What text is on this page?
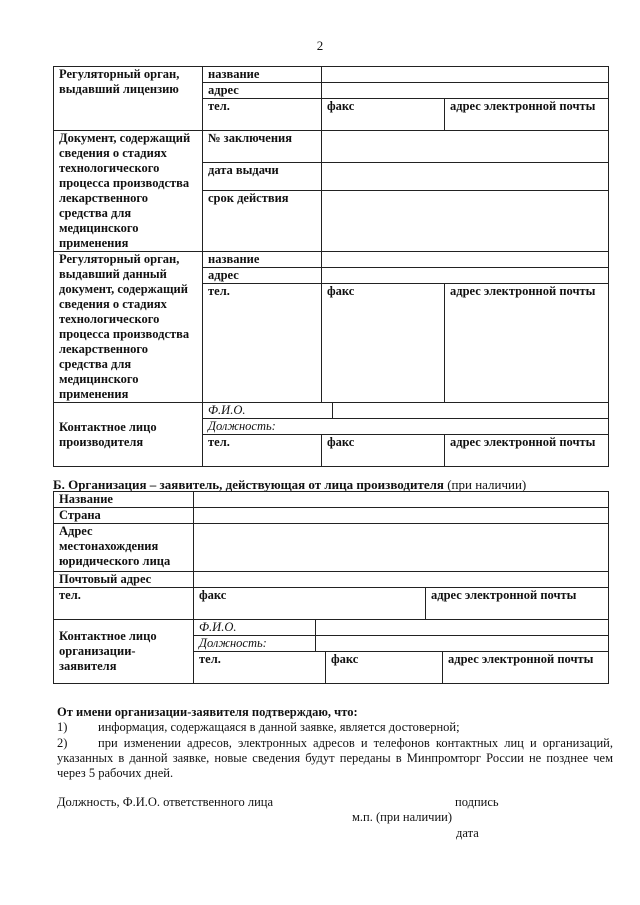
2
Регуляторный орган, выдавший лицензию	название			
	адрес			
	тел.	факс		адрес электронной почты
Документ, содержащий сведения о стадиях технологического процесса производства лекарственного средства для медицинского применения	№ заключения			
	дата выдачи			
	срок действия			
Регуляторный орган, выдавший данный документ, содержащий сведения о стадиях технологического процесса производства лекарственного средства для медицинского применения	название			
	адрес			
	тел.	факс		адрес электронной почты
Контактное лицо производителя	Ф.И.О.			
	Должность:			
	тел.	факс		адрес электронной почты
Б. Организация – заявитель, действующая от лица производителя (при наличии)
Название					
Страна					
Адрес местонахождения юридического лица					
Почтовый адрес					
тел.	факс			адрес электронной почты	
Контактное лицо организации-заявителя	Ф.И.О.				
	Должность:				
	тел.		факс		адрес электронной почты
От имени организации-заявителя подтверждаю, что:
1) информация, содержащаяся в данной заявке, является достоверной;
2)	при изменении адресов, электронных адресов и телефонов контактных лиц и организаций, указанных в данной заявке, новые сведения будут переданы в Минпромторг России не позднее чем через 5 рабочих дней.
Должность, Ф.И.О. ответственного лица	подпись
м.п. (при наличии)
дата
